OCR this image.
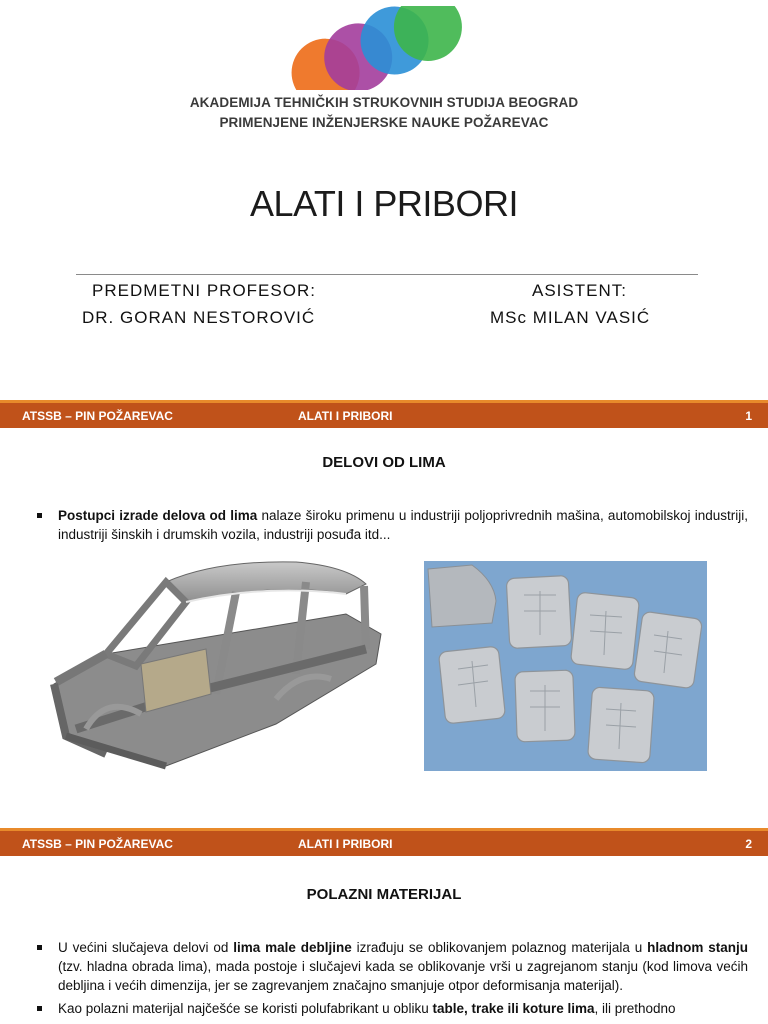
AKADEMIJA TEHNIČKIH STRUKOVNIH STUDIJA BEOGRAD
PRIMENJENE INŽENJERSKE NAUKE POŽAREVAC
ALATI I PRIBORI
PREDMETNI PROFESOR:
DR. GORAN NESTOROVIĆ
ASISTENT:
MSc MILAN VASIĆ
ATSSB – PIN POŽAREVAC	ALATI I PRIBORI	1
DELOVI OD LIMA
Postupci izrade delova od lima nalaze široku primenu u industriji poljoprivrednih mašina, automobilskoj industriji, industriji šinskih i drumskih vozila, industriji posuđa itd...
ATSSB – PIN POŽAREVAC	ALATI I PRIBORI	2
POLAZNI MATERIJAL
U većini slučajeva delovi od lima male debljine izrađuju se oblikovanjem polaznog materijala u hladnom stanju (tzv. hladna obrada lima), mada postoje i slučajevi kada se oblikovanje vrši u zagrejanom stanju (kod limova većih debljina i većih dimenzija, jer se zagrevanjem značajno smanjuje otpor deformisanja materijal).
Kao polazni materijal najčešće se koristi polufabrikant u obliku table, trake ili koture lima, ili prethodno
